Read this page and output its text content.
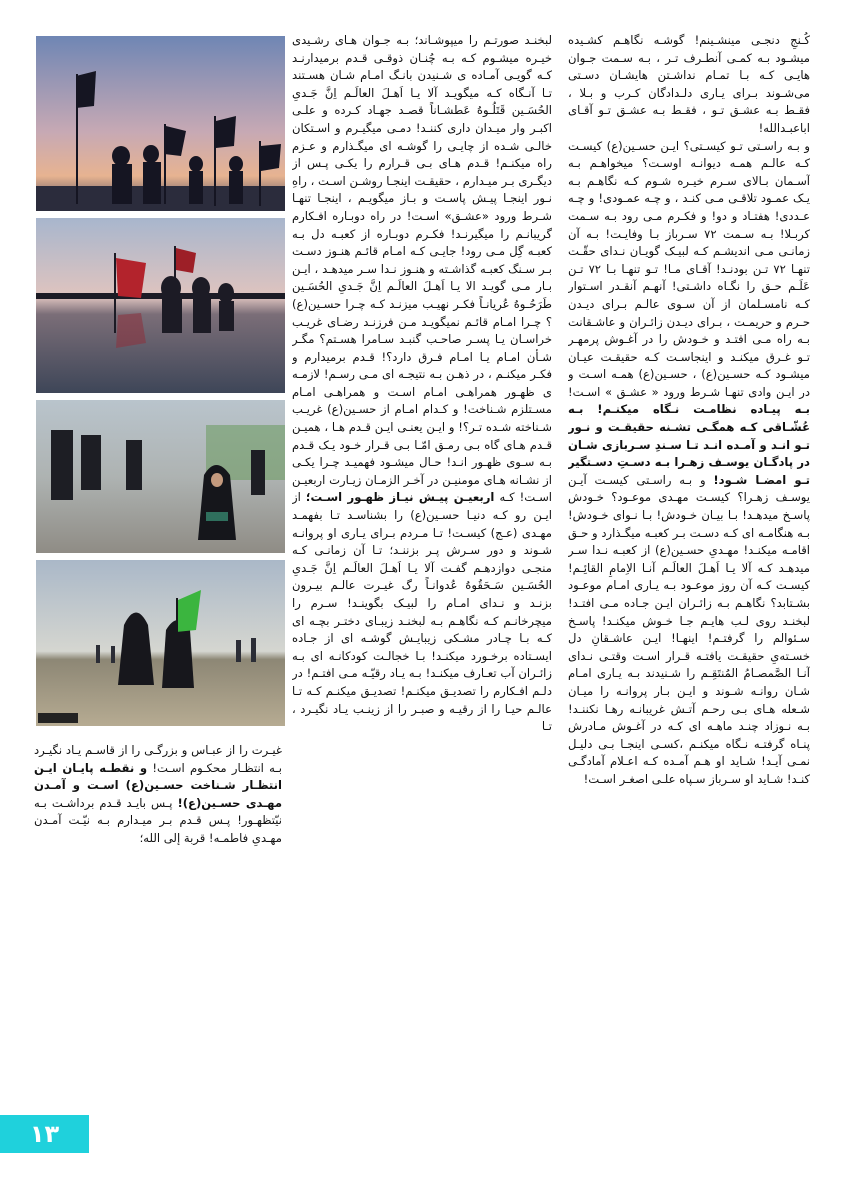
کُـنجِ دنجـی مینشـینم! گوشـه نگاهـم کشـیده میشـود بـه کمـی آنطـرف تـر ، بـه سـمت جـوان هایـی کـه بـا تمـام نداشـتن هایشـان دسـتی می‌شـوند بـرای یـاری دلـدادگان کـرب و بـلا ، فقـط بـه عشـق تـو ، فقـط بـه عشـق تـو آقـای اباعبـدالله!

و بـه راسـتی تـو کیسـتی؟ ایـن حسـین(ع) کیسـت کـه عالـم همـه دیوانـه اوسـت؟ میخواهـم بـه آسـمان بـالای سـرم خیـره شـوم کـه نگاهـم بـه یـک عمـود تلاقـی مـی کنـد ، و چـه عمـودی! و چـه عـددی! هفتـاد و دو! و فکـرم مـی رود بـه سـمت کربـلا! بـه سـمت ۷۲ سـرباز بـا وفایـت! بـه آن زمانـی مـی اندیشـم کـه لبیـک گویـان نـدای حقّـت تنهـا ۷۲ تـن بودنـد! آقـای مـا! تـو تنهـا بـا ۷۲ تـن عَلَـم حـق را نگـاه داشـتی! آنهـم آنقـدر اسـتوار کـه نامسـلمان از آن سـوی عالـم بـرای دیـدن حـرم و حریمـت ، بـرای دیـدن زائـران و عاشـقانت بـه راه مـی افتـد و خـودش را در آغـوش پرمهـر تـو غـرق میکنـد و اینجاسـت کـه حقیقـت عیـان میشـود کـه حسـین(ع) ، حسـین(ع) همـه اسـت و در ایـن وادی تنهـا شـرط ورود « عشـق » اسـت! بـه پیـاده نظامـت نـگاه میکنـم! بـه عُشّـاقی کـه همگـی تشـنه حقیقـت و نـور تـو انـد و آمـده انـد تـا سـندِ سـربازی شـان در پادگـان یوسـف زهـرا بـه دسـتِ دسـتگیر تـو امضـا شـود! و بـه راسـتی کیسـت آیـن یوسـف زهـرا؟ کیسـت مهـدی موعـود؟ خـودش پاسـخ میدهـد! بـا بیـان خـودش! بـا نـوای خـودش! بـه هنگامـه ای کـه دسـت بـر کعبـه میگـذارد و حـق اقامـه میکنـد! مهـدیِ حسـین(ع) از کعبـه نـدا سـر میدهـد کـه آلا یـا اَهـلَ العالَـم آنـا الاِمامِ القائِـم! کیسـت کـه آن روز موعـود بـه یـاری امـام موعـود بشـتابد؟ نگاهـم بـه زائـران ایـن جـاده مـی افتـد! لبخنـد روی لـب هایـم جـا خـوش میکنـد! پاسـخ سـئوالم را گرفتـم! اینهـا! ایـن عاشـقانِ دل خسـته‌یِ حقیقـت یافتـه قـرار اسـت وقتـی نـدای آنـا الصَّمصـامُ المُنتَقِـم را شـنیدند بـه یـاری امـام شـان روانـه شـوند و ایـن بـار پروانـه را میـان شـعله هـای بـی رحـم آتـش غریبانـه رهـا نکننـد! بـه نـوزاد چنـد ماهـه ای کـه در آغـوش مـادرش پنـاه گرفتـه نـگاه میکنـم ،کسـی اینجـا بـی دلیـل نمـی آیـد! شـاید او هـم آمـده کـه اعـلام آمادگـی کنـد! شـاید او سـرباز سـپاه علـی اصغـر اسـت!

لبخنـد صورتـم را میپوشـاند؛ بـه جـوان هـای رشـیدی خیـره میشـوم کـه بـه چُنـان ذوقـی قـدم برمیدارنـد کـه گویـی آمـاده ی شـنیدن بانـگ امـام شـان هسـتند تـا آنـگاه کـه میگویـد آلا یـا اَهـلَ العالَـم اِنَّ جَـدیِ الحُسَـین قَتَلُـوهُ عَطشـاناً قصـد جهـاد کـرده و علـی اکبـر وار میـدان داری کننـد! دمـی میگیـرم و اسـتکان خالـی شـده از چایـی را گوشـه ای میگـذارم و عـزم راه میکنـم! قـدم هـای بـی قـرارم را یکـی پـس از دیگـری بـر میـدارم ، حقیقـت اینجـا روشـن اسـت ، راهِ نـور اینجـا پیـش پاسـت و بـاز میگویـم ، اینجـا تنهـا شـرط ورود «عشـق» اسـت! در راه دوبـاره افـکارم گریبانـم را میگیرنـد! فکـرم دوبـاره از کعبـه دل بـه کعبـه گِل مـی رود! جایـی کـه امـام قائـم هنـوز دسـت بـر سـنگ کعبـه گذاشـته و هنـوز نـدا سـر میدهـد ، ایـن بـار مـی گویـد الا یـا اَهـلَ العالَـم اِنَّ جَـدیِ الحُسَـین طَرَحُـوهُ عُریانـاً فکـر نهیـب میزنـد کـه چـرا حسـین(ع) ؟ چـرا امـام قائـم نمیگویـد مـن فرزنـد رضـای غریـب خراسـان یـا پسـر صاحـب گنبـد سـامرا هسـتم؟ مگـر شـأن امـام یـا امـام فـرق دارد؟! قـدم برمیدارم و فکـر میکنـم ، در ذهـن بـه نتیجـه ای مـی رسـم! لازمـه ی ظهـور همراهـی امـام اسـت و همراهـی امـام مسـتلزم شـناخت! و کـدام امـام از حسـین(ع) غریـب شـناخته شـده تـر؟! و ایـن یعنـی ایـن قـدم هـا ، همیـن قـدم هـای گاه بـی رمـق امّـا بـی قـرار خـود یـک قـدم بـه سـوی ظهـور انـد! حـال میشـود فهمیـد چـرا یکـی از نشـانه هـای مومنیـن در آخـر الزمـان زیـارت اربعیـن اسـت! کـه اربعیـن پیـش نیـاز ظهـور اسـت؛ از ایـن رو کـه دنیـا حسـین(ع) را بشناسـد تـا بفهمـد مهـدی (عـج) کیسـت! تـا مـردم بـرای یـاری او پروانـه شـوند و دور سـرش پـر بزننـد؛ تـا آن زمانـی کـه منجـی دوازدهـم گفـت آلا یـا اَهـلَ العالَـم اِنَّ جَـدیِ الحُسَـین سَـحَقُوهُ عُدوانـاً رگ غیـرت عالـم بیـرون بزنـد و نـدای امـام را لبیـک بگوینـد! سـرم را میچرخانـم کـه نگاهـم بـه لبخنـد زیبـای دختـر بچـه ای کـه بـا چـادر مشـکی زیبایـش گوشـه ای از جـاده ایسـتاده برخـورد میکنـد! بـا خجالـت کودکانـه ای بـه زائـران آب تعـارف میکنـد! بـه یـاد رقیّـه مـی افتـم! در دلـم افـکارم را تصدیـق میکنـم! تصدیـق میکنـم کـه تـا عالـم حیـا را از رقیـه و صبـر را از زینـب یـاد نگیـرد ، تـا

غیـرت را از عبـاس و بزرگـی را از قاسـم یـاد نگیـرد بـه انتظـار محکـوم اسـت! و نقطـه پایـان ایـن انتظـار شـناخت حسـین(ع) اسـت و آمـدن مهـدی حسـین(ع)! پـس بایـد قـدم برداشـت بـه نیّتظهـور! پـس قـدم بـر میـدارم بـه نیّـت آمـدن مهـدیِ فاطمـه! قربة إلی الله؛

۱۳
